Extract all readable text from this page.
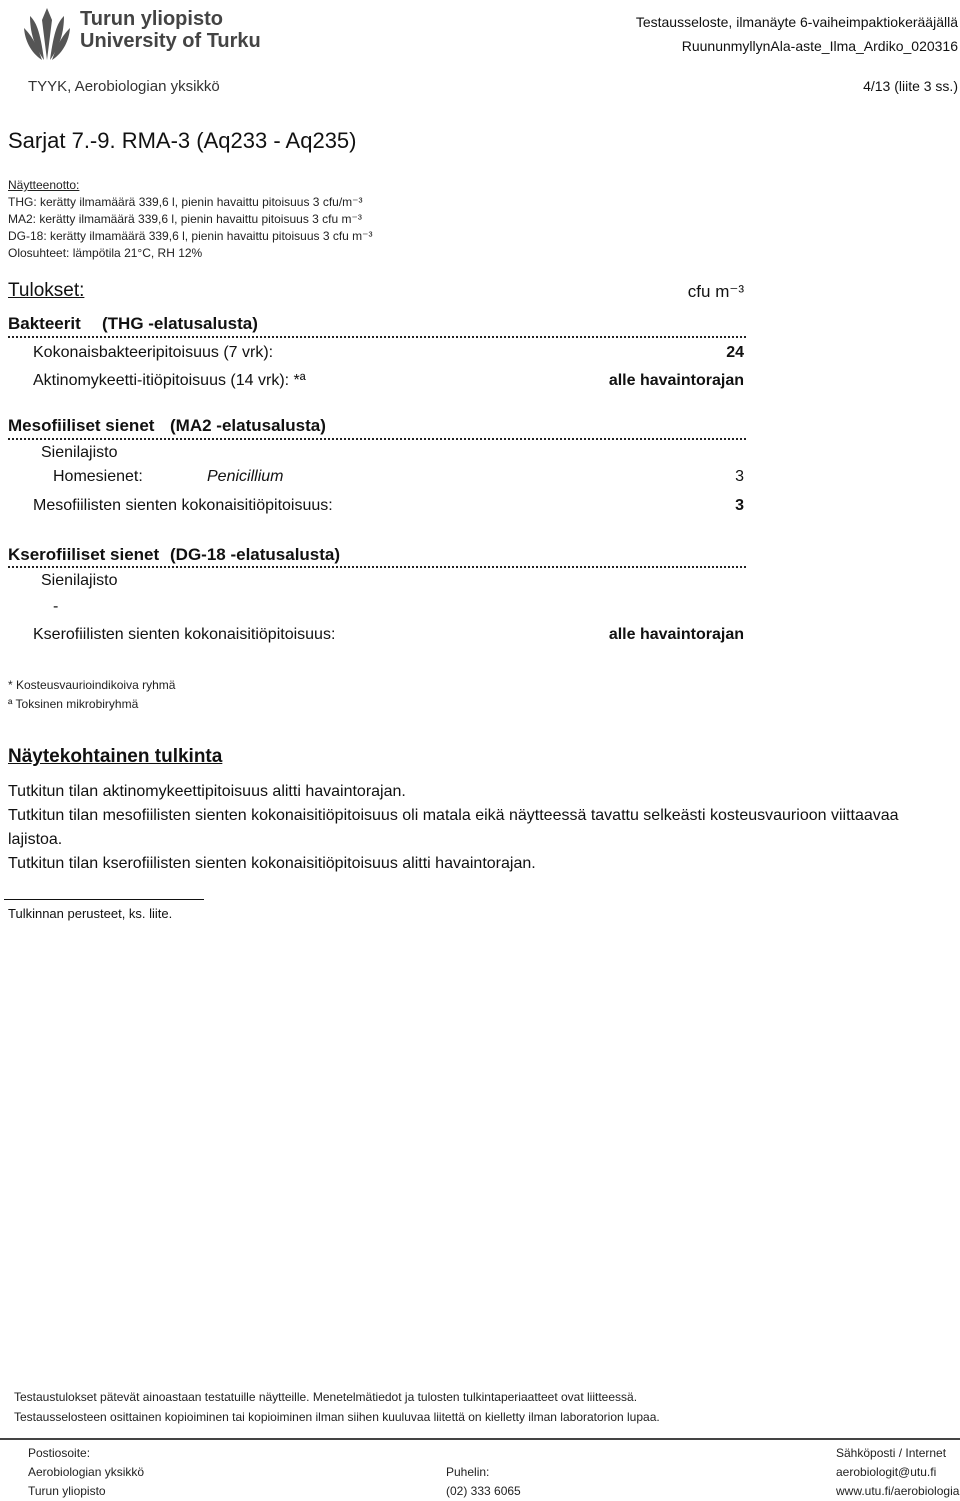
Turun yliopisto
University of Turku
TYYK, Aerobiologian yksikkö
Testausseloste, ilmanäyte 6-vaiheimpaktiokerääjällä
RuununmyllynAla-aste_Ilma_Ardiko_020316
4/13 (liite 3 ss.)
Sarjat 7.-9. RMA-3 (Aq233 - Aq235)
Näytteenotto:
THG: kerätty ilmamäärä 339,6 l, pienin havaittu pitoisuus 3 cfu/m⁻³
MA2: kerätty ilmamäärä 339,6 l, pienin havaittu pitoisuus 3 cfu m⁻³
DG-18: kerätty ilmamäärä 339,6 l, pienin havaittu pitoisuus 3 cfu m⁻³
Olosuhteet: lämpötila 21°C, RH 12%
Tulokset:	cfu m⁻³
Bakteerit (THG -elatusalusta)
Kokonaisbakteeripitoisuus (7 vrk):	24
Aktinomykeetti-itiöpitoisuus (14 vrk): *ª	alle havaintorajan
Mesofiiliset sienet (MA2 -elatusalusta)
Sienilajisto
Homesienet:	Penicillium	3
Mesofiilisten sienten kokonaisitiöpitoisuus:	3
Kserofiiliset sienet (DG-18 -elatusalusta)
Sienilajisto
-
Kserofiilisten sienten kokonaisitiöpitoisuus:	alle havaintorajan
* Kosteusvaurioindikoiva ryhmä
ª Toksinen mikrobiryhmä
Näytekohtainen tulkinta

Tutkitun tilan aktinomykeettipitoisuus alitti havaintorajan.

Tutkitun tilan mesofiilisten sienten kokonaisitiöpitoisuus oli matala eikä näytteessä tavattu selkeästi kosteusvaurioon viittaavaa lajistoa.

Tutkitun tilan kserofiilisten sienten kokonaisitiöpitoisuus alitti havaintorajan.

Tulkinnan perusteet, ks. liite.
Testaustulokset pätevät ainoastaan testatuille näytteille. Menetelmätiedot ja tulosten tulkintaperiaatteet ovat liitteessä.
Testausselosteen osittainen kopioiminen tai kopioiminen ilman siihen kuuluvaa liitettä on kielletty ilman laboratorion lupaa.
Postiosoite:
Aerobiologian yksikkö
Turun yliopisto
Puhelin:
(02) 333 6065
Sähköposti / Internet
aerobiologit@utu.fi
www.utu.fi/aerobiologia
